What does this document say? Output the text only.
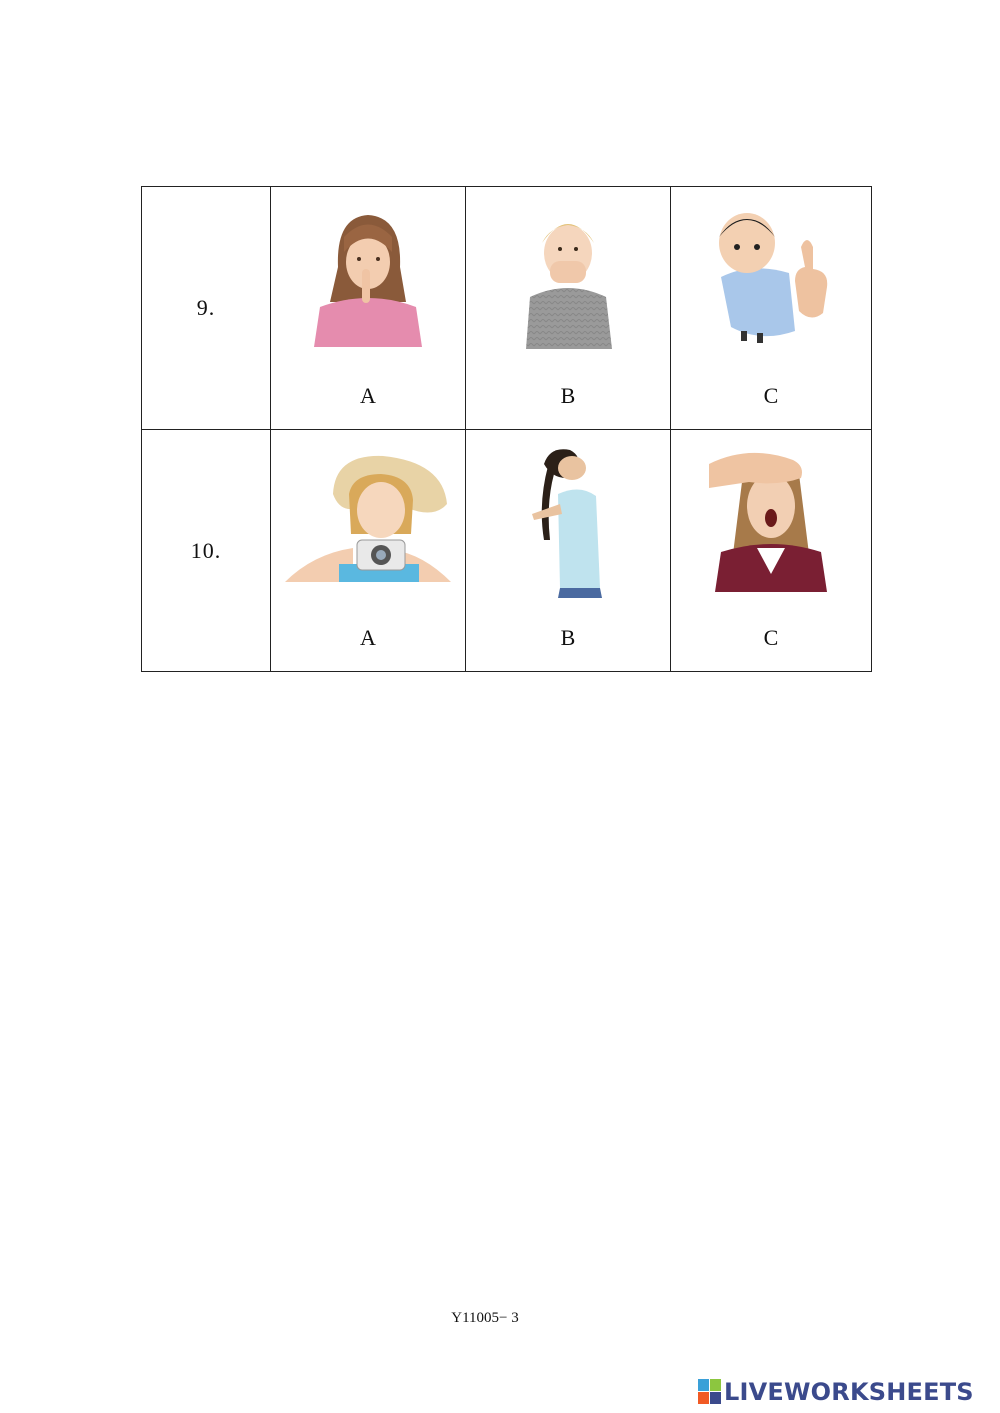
9.	A	B	C

10.	A	B	C
Y11005− 3
LIVEWORKSHEETS
